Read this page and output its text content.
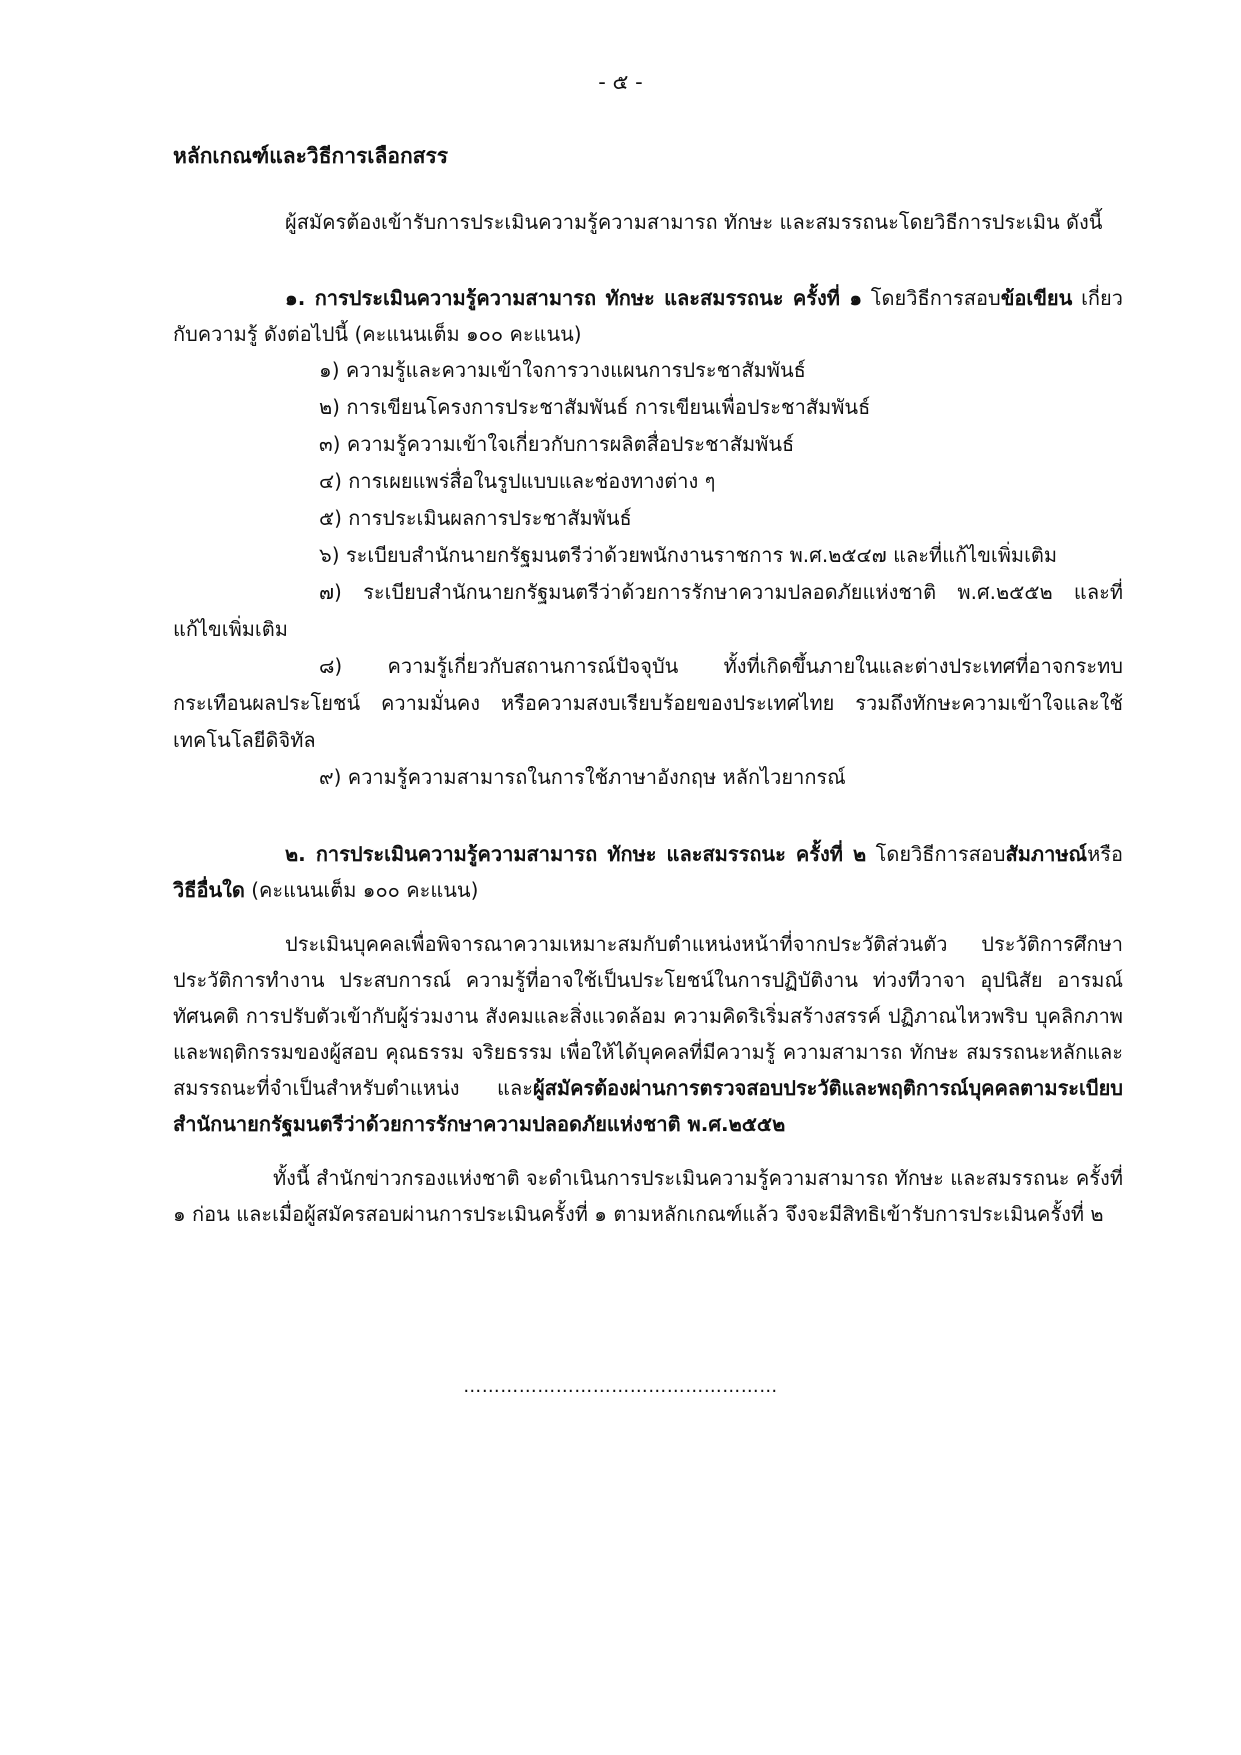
- ๕ -
หลักเกณฑ์และวิธีการเลือกสรร

ผู้สมัครต้องเข้ารับการประเมินความรู้ความสามารถ ทักษะ และสมรรถนะโดยวิธีการประเมิน ดังนี้

๑. การประเมินความรู้ความสามารถ ทักษะ และสมรรถนะ ครั้งที่ ๑ โดยวิธีการสอบข้อเขียน เกี่ยวกับความรู้ ดังต่อไปนี้ (คะแนนเต็ม ๑๐๐ คะแนน)

๑) ความรู้และความเข้าใจการวางแผนการประชาสัมพันธ์
๒) การเขียนโครงการประชาสัมพันธ์ การเขียนเพื่อประชาสัมพันธ์
๓) ความรู้ความเข้าใจเกี่ยวกับการผลิตสื่อประชาสัมพันธ์
๔) การเผยแพร่สื่อในรูปแบบและช่องทางต่าง ๆ
๕) การประเมินผลการประชาสัมพันธ์
๖) ระเบียบสำนักนายกรัฐมนตรีว่าด้วยพนักงานราชการ พ.ศ.๒๕๔๗ และที่แก้ไขเพิ่มเติม
๗) ระเบียบสำนักนายกรัฐมนตรีว่าด้วยการรักษาความปลอดภัยแห่งชาติ พ.ศ.๒๕๕๒ และที่แก้ไขเพิ่มเติม
๘) ความรู้เกี่ยวกับสถานการณ์ปัจจุบัน ทั้งที่เกิดขึ้นภายในและต่างประเทศที่อาจกระทบกระเทือนผลประโยชน์ ความมั่นคง หรือความสงบเรียบร้อยของประเทศไทย รวมถึงทักษะความเข้าใจและใช้เทคโนโลยีดิจิทัล
๙) ความรู้ความสามารถในการใช้ภาษาอังกฤษ หลักไวยากรณ์

๒. การประเมินความรู้ความสามารถ ทักษะ และสมรรถนะ ครั้งที่ ๒ โดยวิธีการสอบสัมภาษณ์หรือวิธีอื่นใด (คะแนนเต็ม ๑๐๐ คะแนน)

ประเมินบุคคลเพื่อพิจารณาความเหมาะสมกับตำแหน่งหน้าที่จากประวัติส่วนตัว ประวัติการศึกษา ประวัติการทำงาน ประสบการณ์ ความรู้ที่อาจใช้เป็นประโยชน์ในการปฏิบัติงาน ท่วงทีวาจา อุปนิสัย อารมณ์ ทัศนคติ การปรับตัวเข้ากับผู้ร่วมงาน สังคมและสิ่งแวดล้อม ความคิดริเริ่มสร้างสรรค์ ปฏิภาณไหวพริบ บุคลิกภาพและพฤติกรรมของผู้สอบ คุณธรรม จริยธรรม เพื่อให้ได้บุคคลที่มีความรู้ ความสามารถ ทักษะ สมรรถนะหลักและสมรรถนะที่จำเป็นสำหรับตำแหน่ง และผู้สมัครต้องผ่านการตรวจสอบประวัติและพฤติการณ์บุคคลตามระเบียบสำนักนายกรัฐมนตรีว่าด้วยการรักษาความปลอดภัยแห่งชาติ พ.ศ.๒๕๕๒

ทั้งนี้ สำนักข่าวกรองแห่งชาติ จะดำเนินการประเมินความรู้ความสามารถ ทักษะ และสมรรถนะ ครั้งที่ ๑ ก่อน และเมื่อผู้สมัครสอบผ่านการประเมินครั้งที่ ๑ ตามหลักเกณฑ์แล้ว จึงจะมีสิทธิเข้ารับการประเมินครั้งที่ ๒

……………………………………………
